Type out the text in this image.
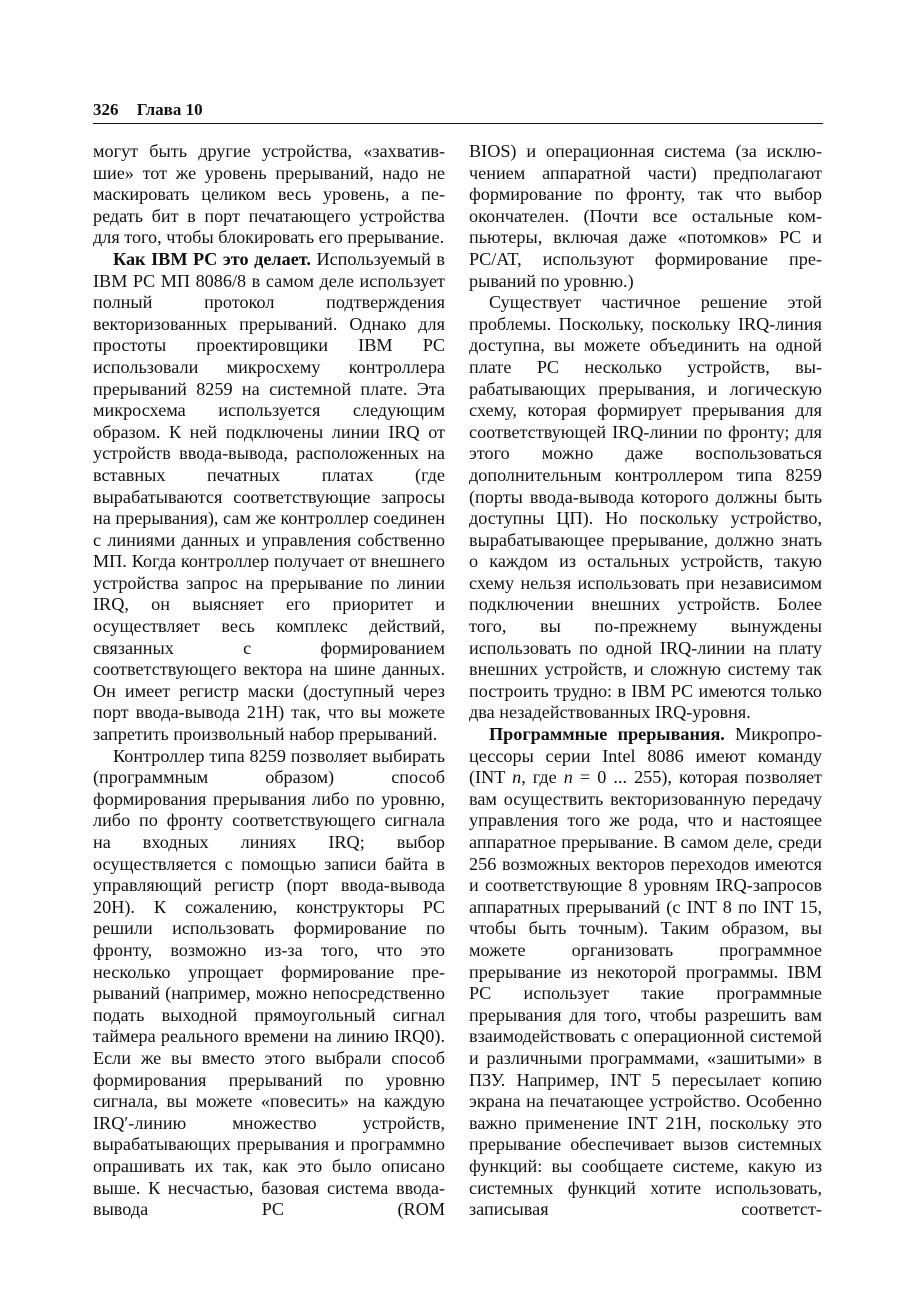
326 Глава 10

могут быть другие устройства, «захватившие» тот же уровень прерываний, надо не маскировать целиком весь уровень, а передать бит в порт печатающего устройства для того, чтобы блокировать его прерывание.

Как IBM PC это делает. Используемый в IBM PC МП 8086/8 в самом деле использует полный протокол подтверждения векторизованных прерываний. Однако для простоты проектировщики IBM PC использовали микросхему контроллера прерываний 8259 на системной плате. Эта микросхема используется следующим образом. К ней подключены линии IRQ от устройств ввода-вывода, расположенных на вставных печатных платах (где вырабатываются соответствующие запросы на прерывания), сам же контроллер соединен с линиями данных и управления собственно МП. Когда контроллер получает от внешнего устройства запрос на прерывание по линии IRQ, он выясняет его приоритет и осуществляет весь комплекс действий, связанных с формированием соответствующего вектора на шине данных. Он имеет регистр маски (доступный через порт ввода-вывода 21H) так, что вы можете запретить произвольный набор прерываний.

Контроллер типа 8259 позволяет выбирать (программным образом) способ формирования прерывания либо по уровню, либо по фронту соответствующего сигнала на входных линиях IRQ; выбор осуществляется с помощью записи байта в управляющий регистр (порт ввода-вывода 20H). К сожалению, конструкторы PC решили использовать формирование по фронту, возможно из-за того, что это несколько упрощает формирование прерываний (например, можно непосредственно подать выходной прямоугольный сигнал таймера реального времени на линию IRQ0). Если же вы вместо этого выбрали способ формирования прерываний по уровню сигнала, вы можете «повесить» на каждую IRQ′-линию множество устройств, вырабатывающих прерывания и программно опрашивать их так, как это было описано выше. К несчастью, базовая система ввода-вывода PC (ROM

BIOS) и операционная система (за исключением аппаратной части) предполагают формирование по фронту, так что выбор окончателен. (Почти все остальные компьютеры, включая даже «потомков» PC и PC/AT, используют формирование прерываний по уровню.)

Существует частичное решение этой проблемы. Поскольку, поскольку IRQ-линия доступна, вы можете объединить на одной плате PC несколько устройств, вырабатывающих прерывания, и логическую схему, которая формирует прерывания для соответствующей IRQ-линии по фронту; для этого можно даже воспользоваться дополнительным контроллером типа 8259 (порты ввода-вывода которого должны быть доступны ЦП). Но поскольку устройство, вырабатывающее прерывание, должно знать о каждом из остальных устройств, такую схему нельзя использовать при независимом подключении внешних устройств. Более того, вы по-прежнему вынуждены использовать по одной IRQ-линии на плату внешних устройств, и сложную систему так построить трудно: в IBM PC имеются только два незадействованных IRQ-уровня.

Программные прерывания. Микропроцессоры серии Intel 8086 имеют команду (INT n, где n = 0 ... 255), которая позволяет вам осуществить векторизованную передачу управления того же рода, что и настоящее аппаратное прерывание. В самом деле, среди 256 возможных векторов переходов имеются и соответствующие 8 уровням IRQ-запросов аппаратных прерываний (с INT 8 по INT 15, чтобы быть точным). Таким образом, вы можете организовать программное прерывание из некоторой программы. IBM PC использует такие программные прерывания для того, чтобы разрешить вам взаимодействовать с операционной системой и различными программами, «зашитыми» в ПЗУ. Например, INT 5 пересылает копию экрана на печатающее устройство. Особенно важно применение INT 21H, поскольку это прерывание обеспечивает вызов системных функций: вы сообщаете системе, какую из системных функций хотите использовать, записывая соответст-
